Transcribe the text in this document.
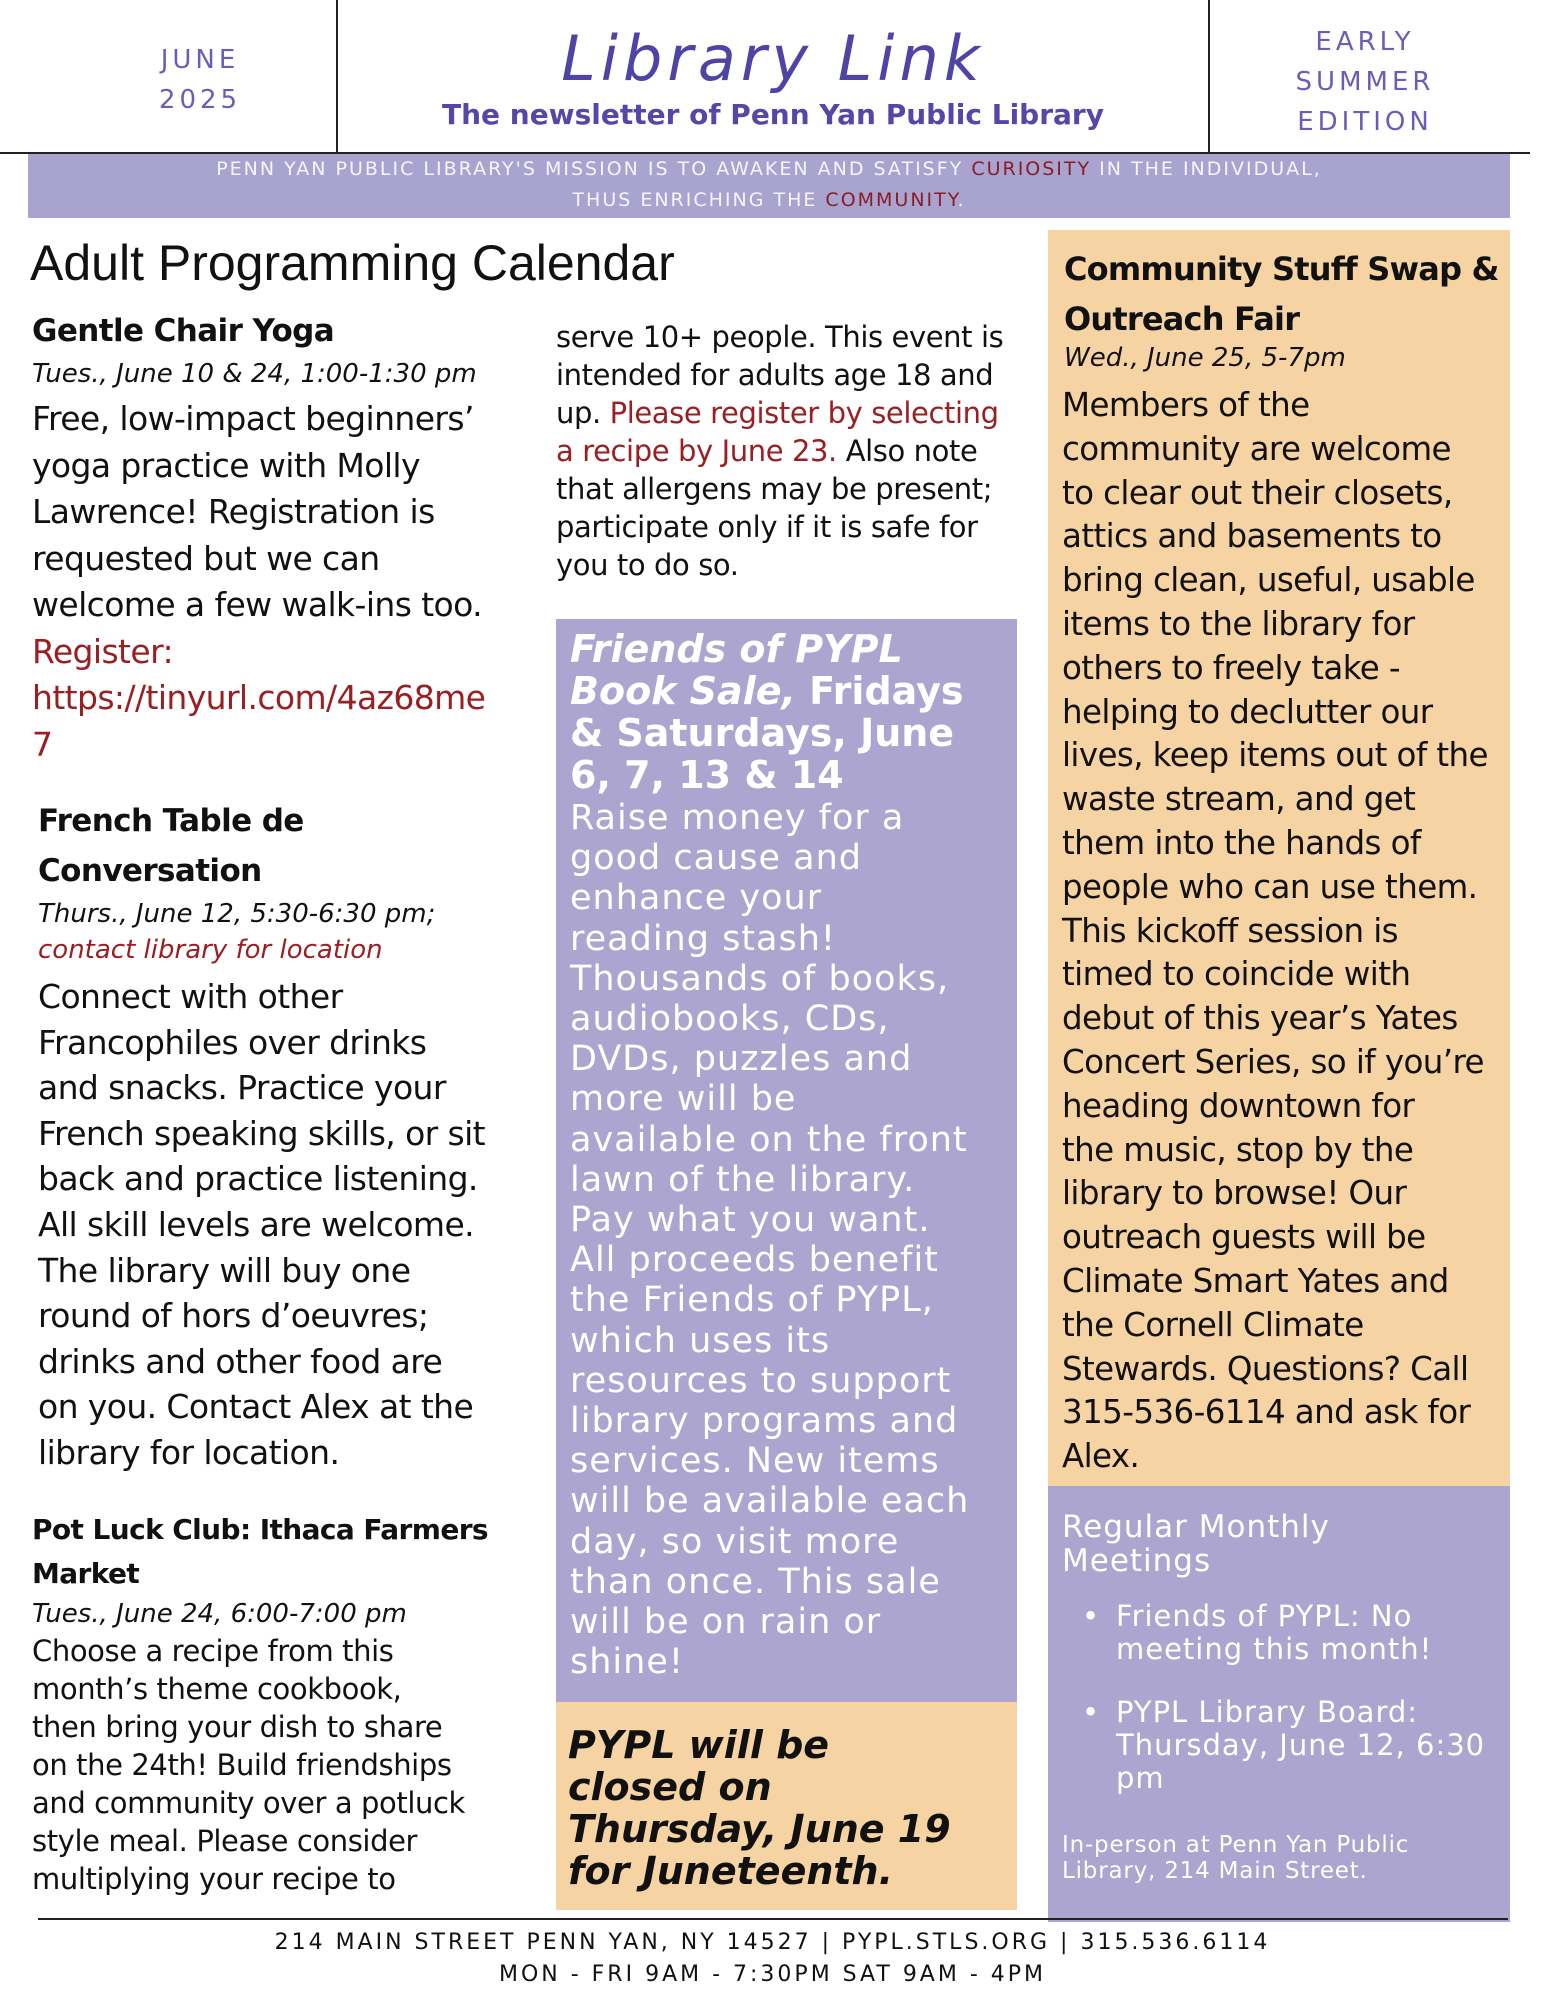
JUNE
2025
Library Link
The newsletter of Penn Yan Public Library
EARLY
SUMMER
EDITION
PENN YAN PUBLIC LIBRARY'S MISSION IS TO AWAKEN AND SATISFY CURIOSITY IN THE INDIVIDUAL,
THUS ENRICHING THE COMMUNITY.
Adult Programming Calendar
Gentle Chair Yoga
Tues., June 10 & 24, 1:00-1:30 pm
Free, low-impact beginners’
yoga practice with Molly
Lawrence! Registration is
requested but we can
welcome a few walk-ins too.
Register:
https://tinyurl.com/4az68me
7
French Table de
Conversation
Thurs., June 12, 5:30-6:30 pm;
contact library for location
Connect with other
Francophiles over drinks
and snacks. Practice your
French speaking skills, or sit
back and practice listening.
All skill levels are welcome.
The library will buy one
round of hors d’oeuvres;
drinks and other food are
on you. Contact Alex at the
library for location.
Pot Luck Club: Ithaca Farmers
Market
Tues., June 24, 6:00-7:00 pm
Choose a recipe from this
month’s theme cookbook,
then bring your dish to share
on the 24th! Build friendships
and community over a potluck
style meal. Please consider
multiplying your recipe to
serve 10+ people. This event is
intended for adults age 18 and
up. Please register by selecting
a recipe by June 23. Also note
that allergens may be present;
participate only if it is safe for
you to do so.
Friends of PYPL
Book Sale, Fridays
& Saturdays, June
6, 7, 13 & 14
Raise money for a
good cause and
enhance your
reading stash!
Thousands of books,
audiobooks, CDs,
DVDs, puzzles and
more will be
available on the front
lawn of the library.
Pay what you want.
All proceeds benefit
the Friends of PYPL,
which uses its
resources to support
library programs and
services. New items
will be available each
day, so visit more
than once. This sale
will be on rain or
shine!
PYPL will be
closed on
Thursday, June 19
for Juneteenth.
Community Stuff Swap &
Outreach Fair
Wed., June 25, 5-7pm
Members of the
community are welcome
to clear out their closets,
attics and basements to
bring clean, useful, usable
items to the library for
others to freely take -
helping to declutter our
lives, keep items out of the
waste stream, and get
them into the hands of
people who can use them.
This kickoff session is
timed to coincide with
debut of this year’s Yates
Concert Series, so if you’re
heading downtown for
the music, stop by the
library to browse! Our
outreach guests will be
Climate Smart Yates and
the Cornell Climate
Stewards. Questions? Call
315-536-6114 and ask for
Alex.
Regular Monthly
Meetings
• Friends of PYPL: No
meeting this month!
• PYPL Library Board:
Thursday, June 12, 6:30
pm
In-person at Penn Yan Public
Library, 214 Main Street.
214 MAIN STREET PENN YAN, NY 14527 | PYPL.STLS.ORG | 315.536.6114
MON - FRI 9AM - 7:30PM SAT 9AM - 4PM
